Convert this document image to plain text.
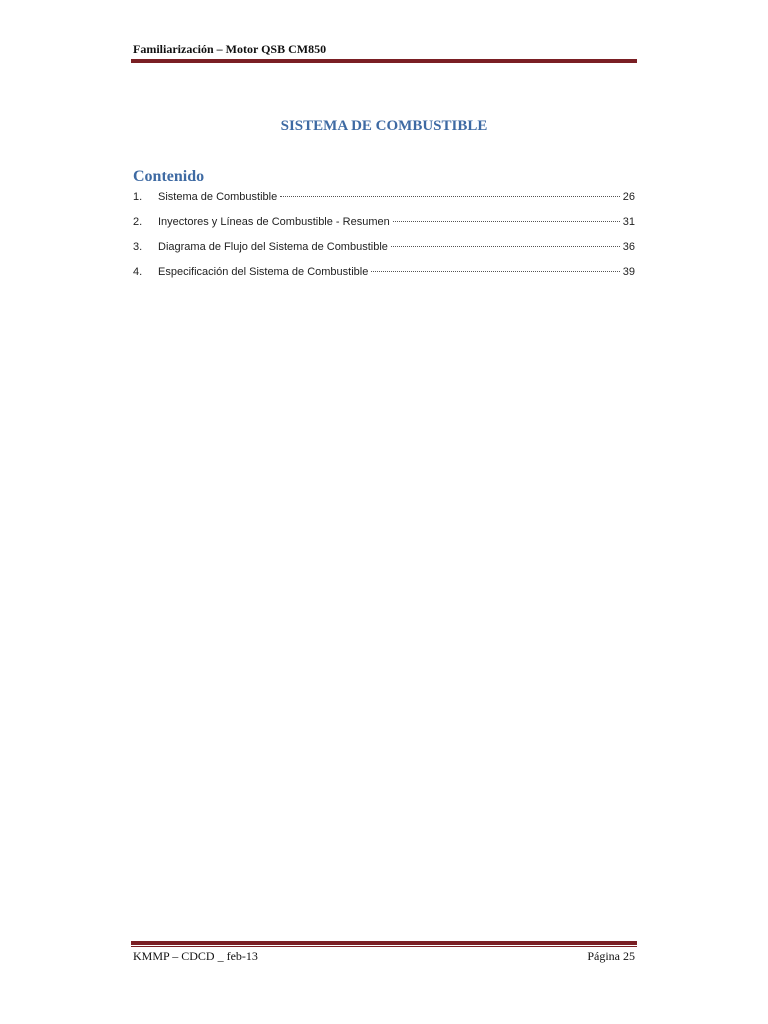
Familiarización – Motor QSB CM850
SISTEMA DE COMBUSTIBLE
Contenido
1.	Sistema de Combustible	26
2.	Inyectores y Líneas de Combustible - Resumen	31
3.	Diagrama de Flujo del Sistema de Combustible	36
4.	Especificación del Sistema de Combustible	39
KMMP – CDCD _ feb-13	Página 25
